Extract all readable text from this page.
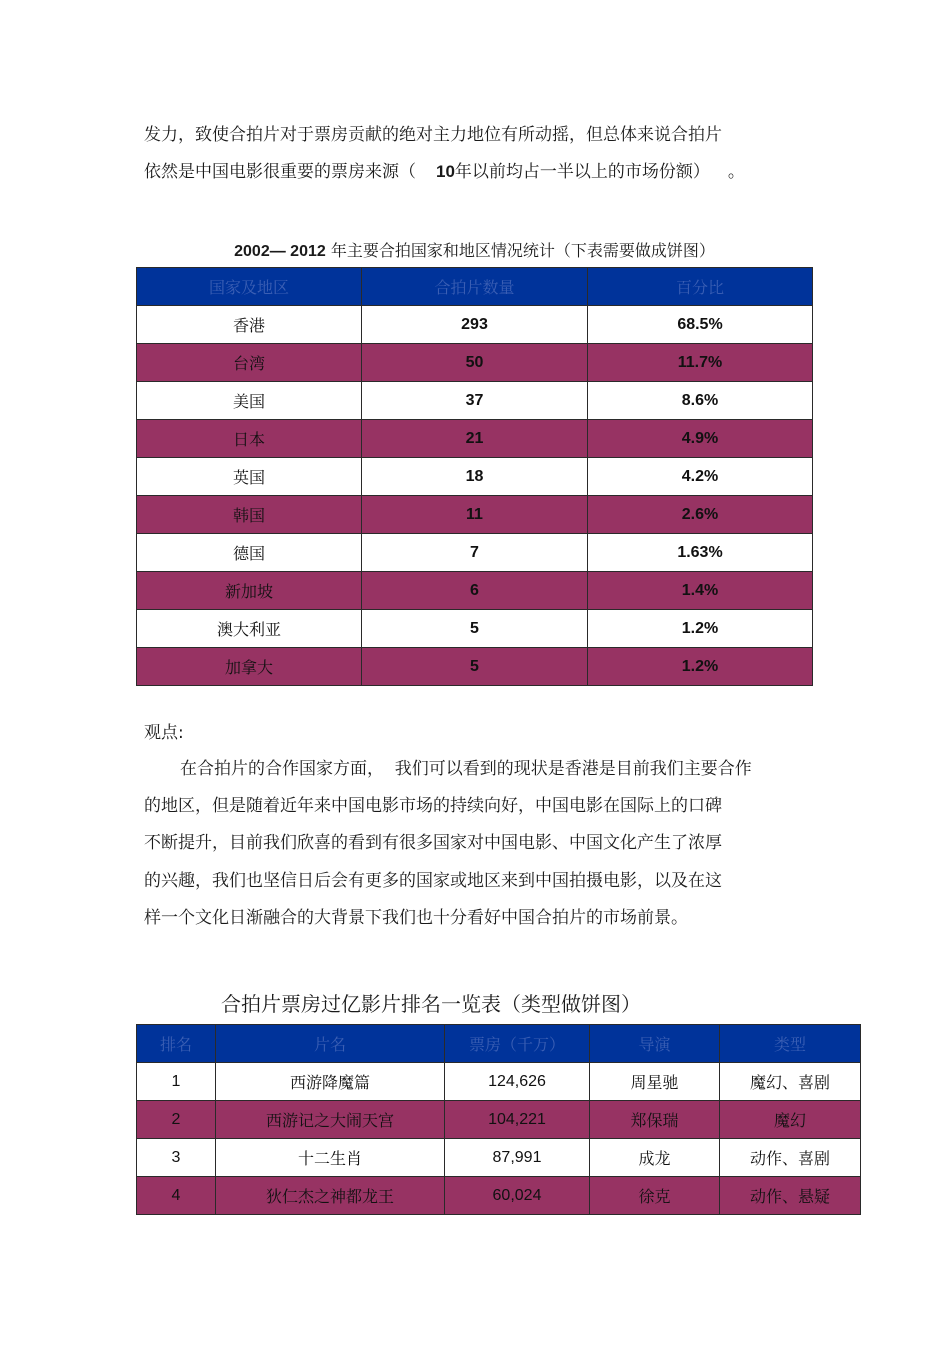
发力，致使合拍片对于票房贡献的绝对主力地位有所动摇，但总体来说合拍片
依然是中国电影很重要的票房来源（ 10年以前均占一半以上的市场份额） 。
2002— 2012 年主要合拍国家和地区情况统计（下表需要做成饼图）
国家及地区	合拍片数量	百分比
香港	293	68.5%
台湾	50	11.7%
美国	37	8.6%
日本	21	4.9%
英国	18	4.2%
韩国	11	2.6%
德国	7	1.63%
新加坡	6	1.4%
澳大利亚	5	1.2%
加拿大	5	1.2%
观点:
在合拍片的合作国家方面，  我们可以看到的现状是香港是目前我们主要合作
的地区，但是随着近年来中国电影市场的持续向好，中国电影在国际上的口碑
不断提升，目前我们欣喜的看到有很多国家对中国电影、中国文化产生了浓厚
的兴趣，我们也坚信日后会有更多的国家或地区来到中国拍摄电影，以及在这
样一个文化日渐融合的大背景下我们也十分看好中国合拍片的市场前景。
合拍片票房过亿影片排名一览表（类型做饼图）
排名	片名	票房（千万）	导演	类型
1	西游降魔篇	124,626	周星驰	魔幻、喜剧
2	西游记之大闹天宫	104,221	郑保瑞	魔幻
3	十二生肖	87,991	成龙	动作、喜剧
4	狄仁杰之神都龙王	60,024	徐克	动作、悬疑
